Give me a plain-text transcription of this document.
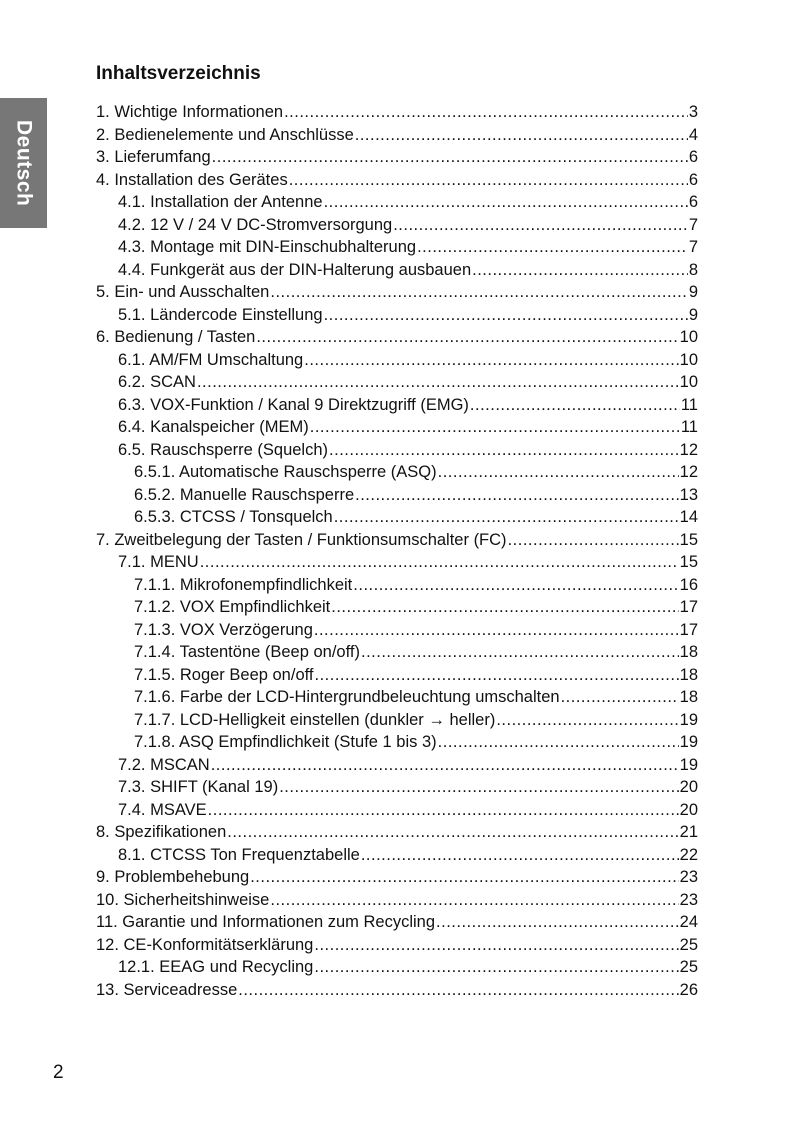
Deutsch
Inhaltsverzeichnis
1. Wichtige Informationen .....	3
2. Bedienelemente und Anschlüsse .....	4
3. Lieferumfang .....	6
4. Installation des Gerätes .....	6
4.1. Installation der Antenne .....	6
4.2. 12 V / 24 V DC-Stromversorgung .....	7
4.3. Montage mit DIN-Einschubhalterung .....	7
4.4. Funkgerät aus der DIN-Halterung ausbauen .....	8
5. Ein- und Ausschalten .....	9
5.1. Ländercode Einstellung .....	9
6. Bedienung / Tasten .....	10
6.1. AM/FM Umschaltung .....	10
6.2. SCAN .....	10
6.3. VOX-Funktion / Kanal 9 Direktzugriff (EMG) .....	11
6.4. Kanalspeicher (MEM) .....	11
6.5. Rauschsperre (Squelch) .....	12
6.5.1. Automatische Rauschsperre (ASQ) .....	12
6.5.2. Manuelle Rauschsperre .....	13
6.5.3. CTCSS / Tonsquelch .....	14
7. Zweitbelegung der Tasten / Funktionsumschalter (FC) .....	15
7.1. MENU .....	15
7.1.1. Mikrofonempfindlichkeit .....	16
7.1.2. VOX Empfindlichkeit .....	17
7.1.3. VOX Verzögerung .....	17
7.1.4. Tastentöne (Beep on/off) .....	18
7.1.5. Roger Beep on/off .....	18
7.1.6. Farbe der LCD-Hintergrundbeleuchtung umschalten .....	18
7.1.7. LCD-Helligkeit einstellen (dunkler → heller) .....	19
7.1.8. ASQ Empfindlichkeit (Stufe 1 bis 3) .....	19
7.2. MSCAN .....	19
7.3. SHIFT (Kanal 19) .....	20
7.4. MSAVE .....	20
8. Spezifikationen .....	21
8.1. CTCSS Ton Frequenztabelle .....	22
9. Problembehebung .....	23
10. Sicherheitshinweise .....	23
11. Garantie und Informationen zum Recycling .....	24
12. CE-Konformitätserklärung .....	25
12.1. EEAG und Recycling .....	25
13. Serviceadresse .....	26
2
